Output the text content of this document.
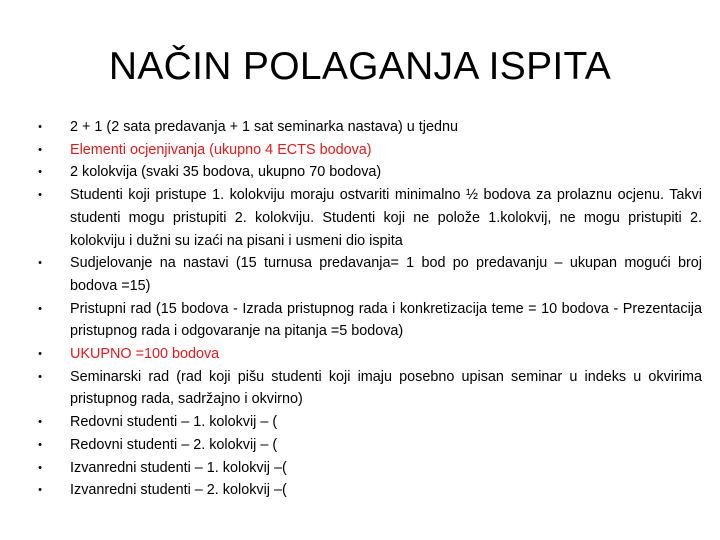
NAČIN POLAGANJA ISPITA
• 2 + 1 (2 sata predavanja + 1 sat seminarka nastava) u tjednu
• Elementi ocjenjivanja (ukupno 4 ECTS bodova)
• 2 kolokvija (svaki 35 bodova, ukupno 70 bodova)
• Studenti koji pristupe 1. kolokviju moraju ostvariti minimalno ½ bodova za prolaznu ocjenu. Takvi studenti mogu pristupiti 2. kolokviju. Studenti koji ne polože 1.kolokvij, ne mogu pristupiti 2. kolokviju i dužni su izaći na pisani i usmeni dio ispita
• Sudjelovanje na nastavi (15 turnusa predavanja= 1 bod po predavanju – ukupan mogući broj bodova =15)
• Pristupni rad (15 bodova - Izrada pristupnog rada i konkretizacija teme = 10 bodova - Prezentacija pristupnog rada i odgovaranje na pitanja =5 bodova)
• UKUPNO =100 bodova
• Seminarski rad (rad koji pišu studenti koji imaju posebno upisan seminar u indeks u okvirima pristupnog rada, sadržajno i okvirno)
• Redovni studenti – 1. kolokvij – (
• Redovni studenti – 2. kolokvij – (
• Izvanredni studenti – 1. kolokvij –(
• Izvanredni studenti – 2. kolokvij –(
